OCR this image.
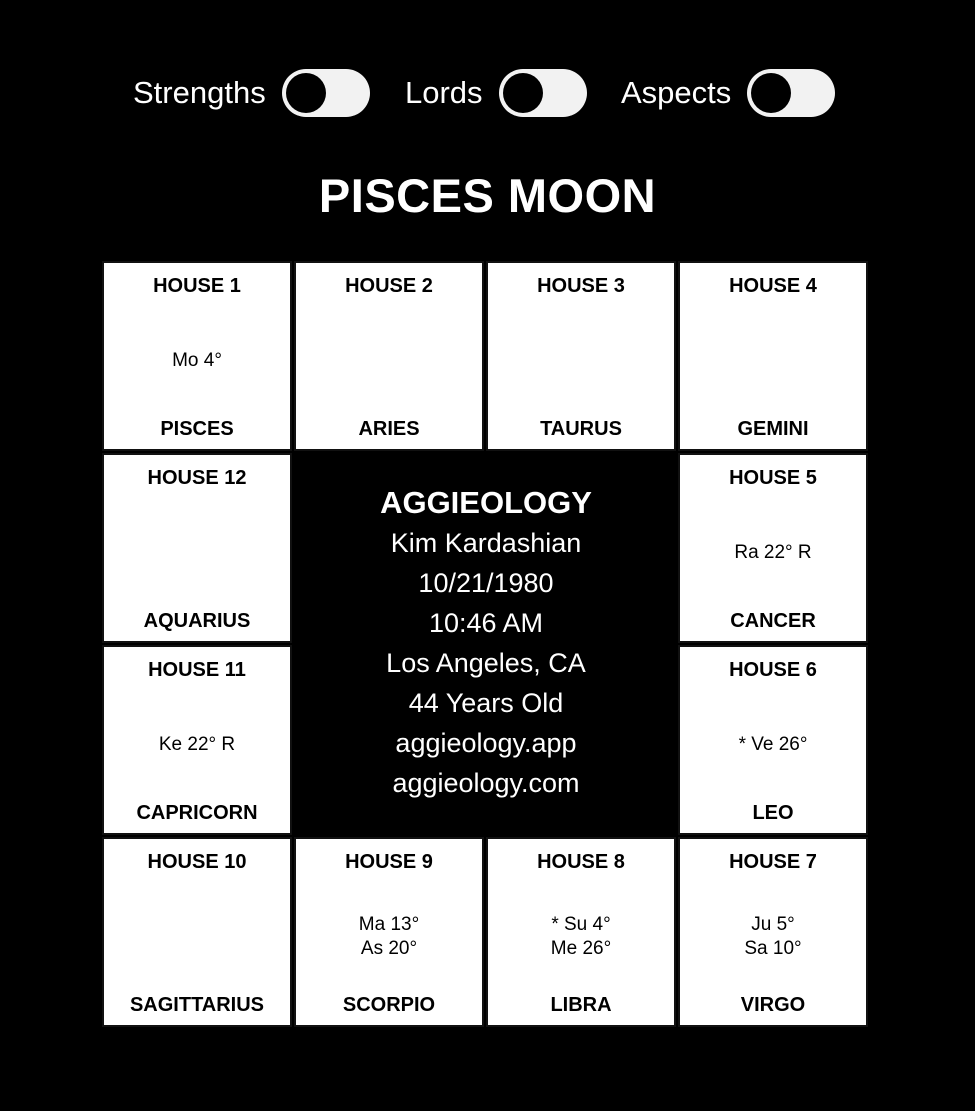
Strengths	Lords	Aspects
PISCES MOON
HOUSE 1
Mo 4°
PISCES
HOUSE 2
ARIES
HOUSE 3
TAURUS
HOUSE 4
GEMINI
HOUSE 12
AQUARIUS
HOUSE 5
Ra 22° R
CANCER
HOUSE 11
Ke 22° R
CAPRICORN
HOUSE 6
* Ve 26°
LEO
HOUSE 10
SAGITTARIUS
HOUSE 9
Ma 13°
As 20°
SCORPIO
HOUSE 8
* Su 4°
Me 26°
LIBRA
HOUSE 7
Ju 5°
Sa 10°
VIRGO
AGGIEOLOGY
Kim Kardashian
10/21/1980
10:46 AM
Los Angeles, CA
44 Years Old
aggieology.app
aggieology.com
